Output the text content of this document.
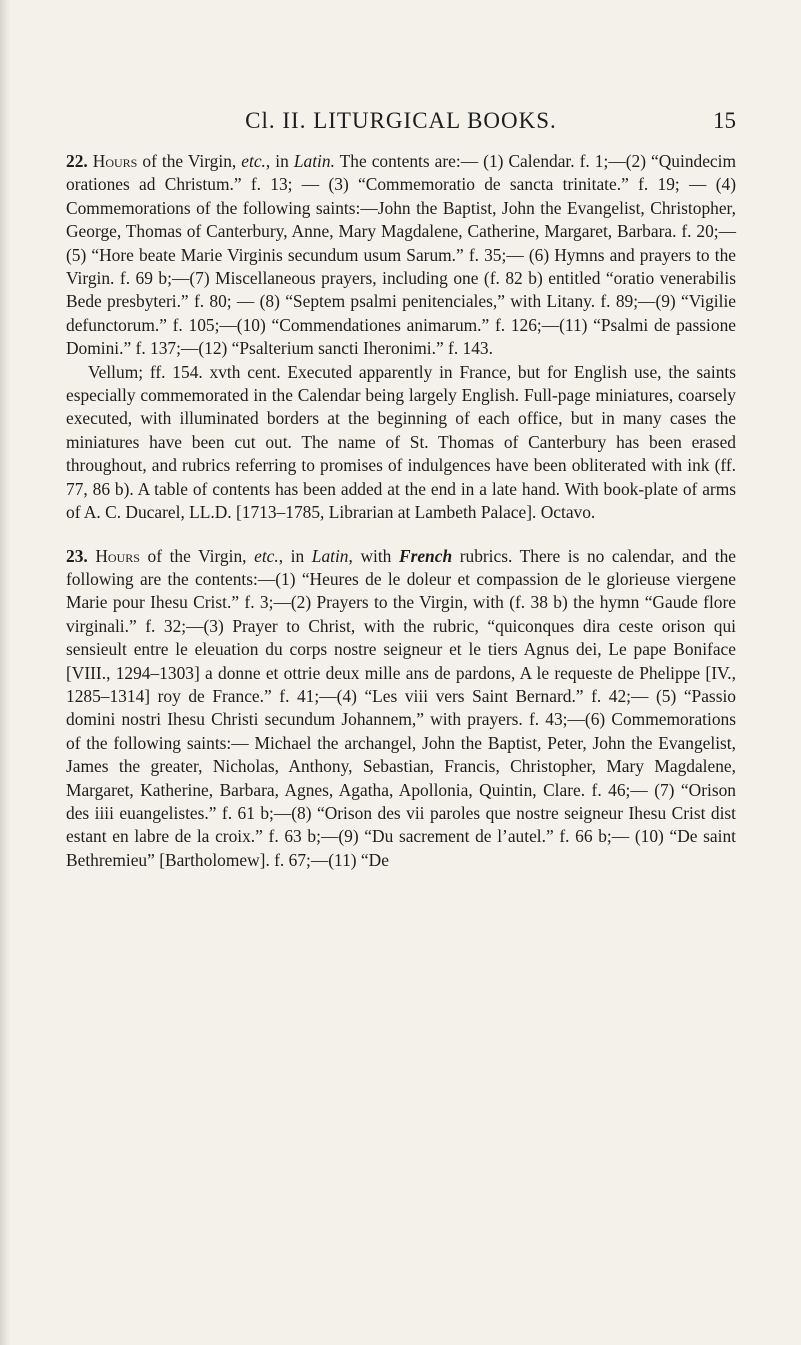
Cl. II. LITURGICAL BOOKS.	15

22. Hours of the Virgin, etc., in Latin. The contents are:— (1) Calendar. f. 1;—(2) “Quindecim orationes ad Christum.” f. 13; — (3) “Commemoratio de sancta trinitate.” f. 19; — (4) Commemorations of the following saints:—John the Baptist, John the Evangelist, Christopher, George, Thomas of Canterbury, Anne, Mary Magdalene, Catherine, Margaret, Barbara. f. 20;— (5) “Hore beate Marie Virginis secundum usum Sarum.” f. 35;— (6) Hymns and prayers to the Virgin. f. 69 b;—(7) Miscellaneous prayers, including one (f. 82 b) entitled “oratio venerabilis Bede presbyteri.” f. 80; — (8) “Septem psalmi penitenciales,” with Litany. f. 89;—(9) “Vigilie defunctorum.” f. 105;—(10) “Commendationes animarum.” f. 126;—(11) “Psalmi de passione Domini.” f. 137;—(12) “Psalterium sancti Iheronimi.” f. 143.

Vellum; ff. 154. xvth cent. Executed apparently in France, but for English use, the saints especially commemorated in the Calendar being largely English. Full-page miniatures, coarsely executed, with illuminated borders at the beginning of each office, but in many cases the miniatures have been cut out. The name of St. Thomas of Canterbury has been erased throughout, and rubrics referring to promises of indulgences have been obliterated with ink (ff. 77, 86 b). A table of contents has been added at the end in a late hand. With book-plate of arms of A. C. Ducarel, LL.D. [1713–1785, Librarian at Lambeth Palace]. Octavo.

23. Hours of the Virgin, etc., in Latin, with French rubrics. There is no calendar, and the following are the contents:—(1) “Heures de le doleur et compassion de le glorieuse viergene Marie pour Ihesu Crist.” f. 3;—(2) Prayers to the Virgin, with (f. 38 b) the hymn “Gaude flore virginali.” f. 32;—(3) Prayer to Christ, with the rubric, “quiconques dira ceste orison qui sensieult entre le eleuation du corps nostre seigneur et le tiers Agnus dei, Le pape Boniface [VIII., 1294–1303] a donne et ottrie deux mille ans de pardons, A le requeste de Phelippe [IV., 1285–1314] roy de France.” f. 41;—(4) “Les viii vers Saint Bernard.” f. 42;— (5) “Passio domini nostri Ihesu Christi secundum Johannem,” with prayers. f. 43;—(6) Commemorations of the following saints:— Michael the archangel, John the Baptist, Peter, John the Evangelist, James the greater, Nicholas, Anthony, Sebastian, Francis, Christopher, Mary Magdalene, Margaret, Katherine, Barbara, Agnes, Agatha, Apollonia, Quintin, Clare. f. 46;— (7) “Orison des iiii euangelistes.” f. 61 b;—(8) “Orison des vii paroles que nostre seigneur Ihesu Crist dist estant en labre de la croix.” f. 63 b;—(9) “Du sacrement de l’autel.” f. 66 b;— (10) “De saint Bethremieu” [Bartholomew]. f. 67;—(11) “De
